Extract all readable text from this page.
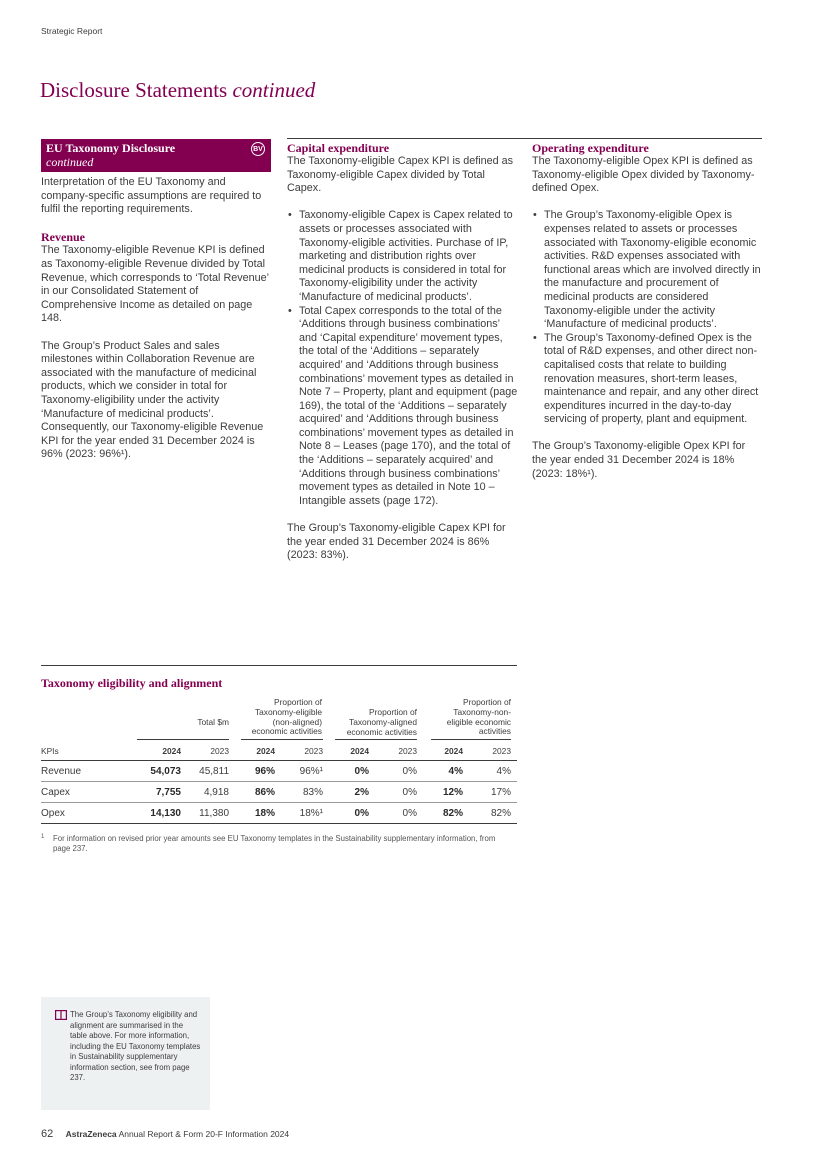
Strategic Report
Disclosure Statements continued
EU Taxonomy Disclosure
continued
BV

Interpretation of the EU Taxonomy and company-specific assumptions are required to fulfil the reporting requirements.

Revenue

The Taxonomy-eligible Revenue KPI is defined as Taxonomy-eligible Revenue divided by Total Revenue, which corresponds to ‘Total Revenue’ in our Consolidated Statement of Comprehensive Income as detailed on page 148.

The Group’s Product Sales and sales milestones within Collaboration Revenue are associated with the manufacture of medicinal products, which we consider in total for Taxonomy-eligibility under the activity ‘Manufacture of medicinal products’. Consequently, our Taxonomy-eligible Revenue KPI for the year ended 31 December 2024 is 96% (2023: 96%¹).

Capital expenditure

The Taxonomy-eligible Capex KPI is defined as Taxonomy-eligible Capex divided by Total Capex.

• Taxonomy-eligible Capex is Capex related to assets or processes associated with Taxonomy-eligible activities. Purchase of IP, marketing and distribution rights over medicinal products is considered in total for Taxonomy-eligibility under the activity ‘Manufacture of medicinal products’.
• Total Capex corresponds to the total of the ‘Additions through business combinations’ and ‘Capital expenditure’ movement types, the total of the ‘Additions – separately acquired’ and ‘Additions through business combinations’ movement types as detailed in Note 7 – Property, plant and equipment (page 169), the total of the ‘Additions – separately acquired’ and ‘Additions through business combinations’ movement types as detailed in Note 8 – Leases (page 170), and the total of the ‘Additions – separately acquired’ and ‘Additions through business combinations’ movement types as detailed in Note 10 – Intangible assets (page 172).

The Group’s Taxonomy-eligible Capex KPI for the year ended 31 December 2024 is 86% (2023: 83%).

Operating expenditure

The Taxonomy-eligible Opex KPI is defined as Taxonomy-eligible Opex divided by Taxonomy-defined Opex.

• The Group’s Taxonomy-eligible Opex is expenses related to assets or processes associated with Taxonomy-eligible economic activities. R&D expenses associated with functional areas which are involved directly in the manufacture and procurement of medicinal products are considered Taxonomy-eligible under the activity ‘Manufacture of medicinal products’.
• The Group’s Taxonomy-defined Opex is the total of R&D expenses, and other direct non-capitalised costs that relate to building renovation measures, short-term leases, maintenance and repair, and any other direct expenditures incurred in the day-to-day servicing of property, plant and equipment.

The Group’s Taxonomy-eligible Opex KPI for the year ended 31 December 2024 is 18% (2023: 18%¹).

Taxonomy eligibility and alignment
Total $m
Proportion of Taxonomy-eligible (non-aligned) economic activities
Proportion of Taxonomy-aligned economic activities
Proportion of Taxonomy-non-eligible economic activities
KPIs	2024	2023	2024	2023	2024	2023	2024	2023
Revenue	54,073	45,811	96%	96%¹	0%	0%	4%	4%
Capex	7,755	4,918	86%	83%	2%	0%	12%	17%
Opex	14,130	11,380	18%	18%¹	0%	0%	82%	82%
1	For information on revised prior year amounts see EU Taxonomy templates in the Sustainability supplementary information, from page 237.
The Group’s Taxonomy eligibility and alignment are summarised in the table above. For more information, including the EU Taxonomy templates in Sustainability supplementary information section, see from page 237.
62 AstraZeneca Annual Report & Form 20-F Information 2024
